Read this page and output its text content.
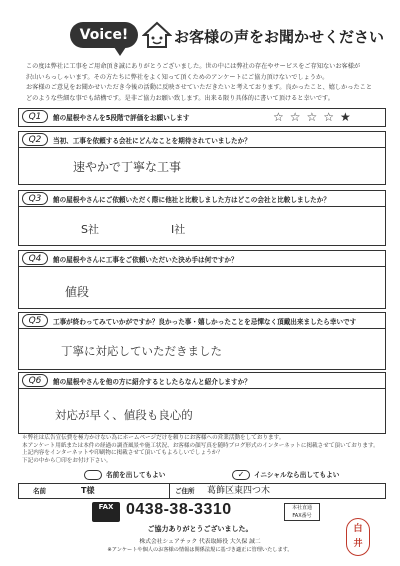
Voice!	お客様の声をお聞かせください
この度は弊社に工事をご用命頂き誠にありがとうございました。世の中には弊社の存在やサービスをご存知ないお客様が
沢山いらっしゃいます。その方たちに弊社をよく知って頂くためのアンケートにご協力頂けないでしょうか。
お客様のご意見をお聞かせいただき今後の活動に反映させていただきたいと考えております。良かったこと、嬉しかったこと
どのような些細な事でも結構です。是非ご協力お願い致します。出来る限り具体的に書いて頂けると幸いです。
Q1	館の屋根やさんを5段階で評価をお願いします	☆☆☆☆★
Q2	当初、工事を依頼する会社にどんなことを期待されていましたか？
速やかで丁寧な工事
Q3	館の屋根やさんにご依頼いただく際に他社と比較しました方はどこの会社と比較しましたか？
S社	I社
Q4	館の屋根やさんに工事をご依頼いただいた決め手は何ですか？
値段
Q5	工事が終わってみていかがですか？良かった事・嬉しかったことを忌憚なく頂戴出来ましたら幸いです
丁寧に対応していただきました
Q6	館の屋根やさんを他の方に紹介するとしたらなんと紹介しますか？
対応が早く、値段も良心的
＊弊社は広告宣伝費を極力かけない為にホームページだけを頼りにお客様への営業活動をしております。
本アンケート用紙または本件の経過の調査風景や施工状況、お客様の顔写真を随時ブログ形式のインターネットに掲載させて頂いております。
上記内容をインターネットや印刷物に掲載させて頂いてもよろしいでしょうか？
下記の中から〇印をお付け下さい。
名前を出してもよい	✓ イニシャルなら出してもよい
名前	T様	ご住所 葛飾区東四つ木
FAX 0438-38-3310	本社直通
FAX番号
ご協力ありがとうございました。
株式会社シェアテック 代表取締役 大久保 誠二
※アンケートや個人のお客様の情報は関係法規に基づき適正に管理いたします。
白
井
